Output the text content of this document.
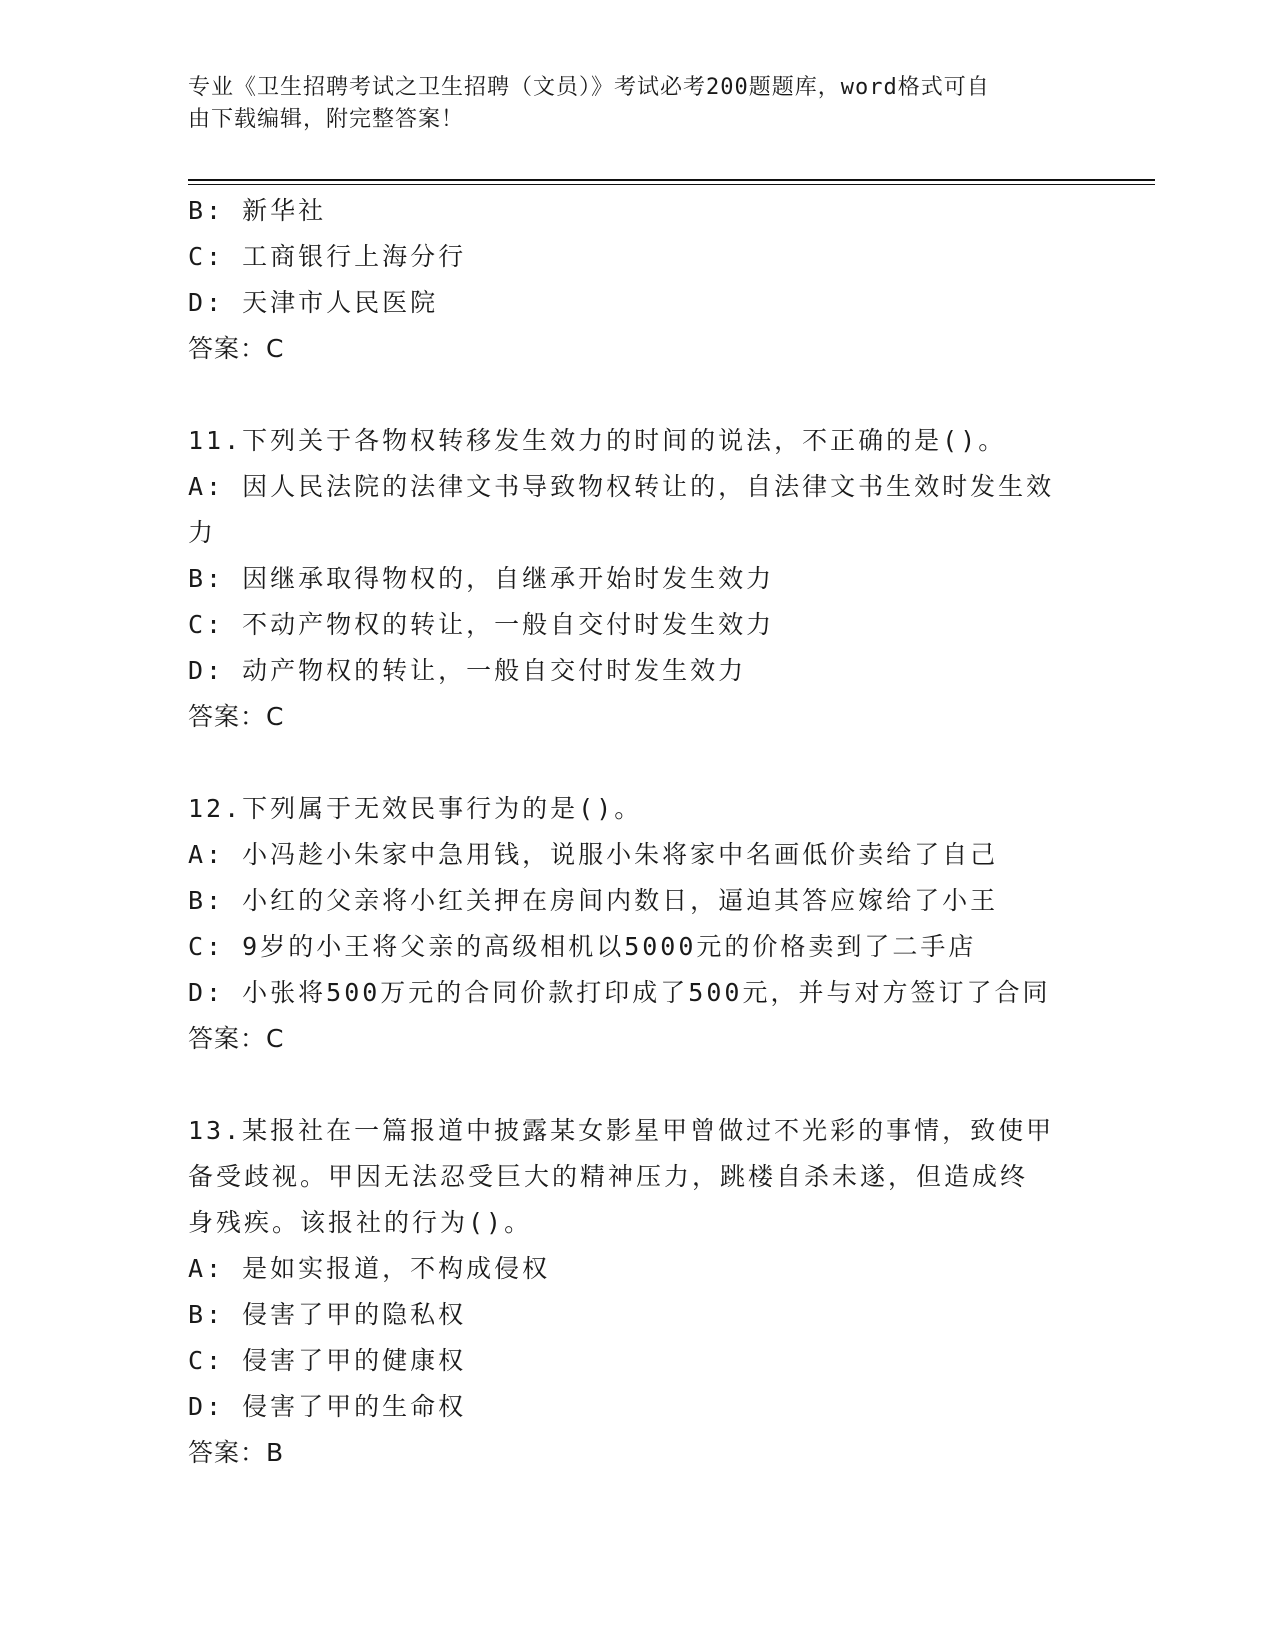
专业《卫生招聘考试之卫生招聘（文员）》考试必考200题题库，word格式可自
由下载编辑，附完整答案！
B: 新华社
C: 工商银行上海分行
D: 天津市人民医院
答案：C
11.下列关于各物权转移发生效力的时间的说法，不正确的是()。
A: 因人民法院的法律文书导致物权转让的，自法律文书生效时发生效
力
B: 因继承取得物权的，自继承开始时发生效力
C: 不动产物权的转让，一般自交付时发生效力
D: 动产物权的转让，一般自交付时发生效力
答案：C
12.下列属于无效民事行为的是()。
A: 小冯趁小朱家中急用钱，说服小朱将家中名画低价卖给了自己
B: 小红的父亲将小红关押在房间内数日，逼迫其答应嫁给了小王
C: 9岁的小王将父亲的高级相机以5000元的价格卖到了二手店
D: 小张将500万元的合同价款打印成了500元，并与对方签订了合同
答案：C
13.某报社在一篇报道中披露某女影星甲曾做过不光彩的事情，致使甲
备受歧视。甲因无法忍受巨大的精神压力，跳楼自杀未遂，但造成终
身残疾。该报社的行为()。
A: 是如实报道，不构成侵权
B: 侵害了甲的隐私权
C: 侵害了甲的健康权
D: 侵害了甲的生命权
答案：B
